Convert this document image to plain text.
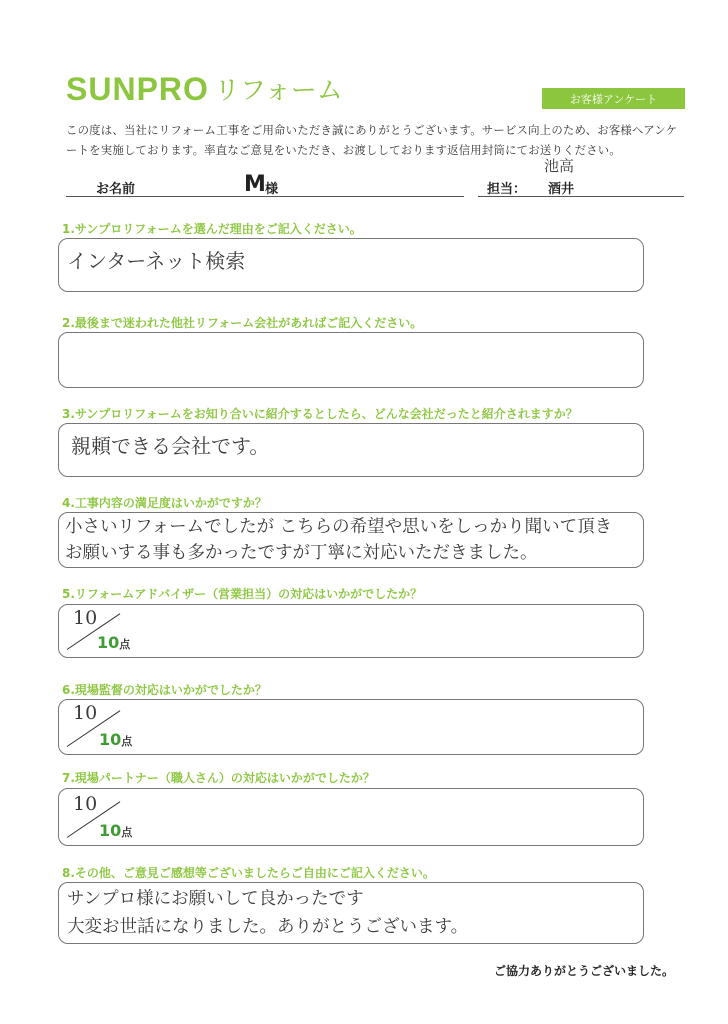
SUNPRO リフォーム	お客様アンケート
この度は、当社にリフォーム工事をご用命いただき誠にありがとうございます。サービス向上のため、お客様へアンケートを実施しております。率直なご意見をいただき、お渡ししております返信用封筒にてお送りください。
お名前	M 様	担当：
池高
酒井
1.サンプロリフォームを選んだ理由をご記入ください。
インターネット検索
2.最後まで迷われた他社リフォーム会社があればご記入ください。
3.サンプロリフォームをお知り合いに紹介するとしたら、どんな会社だったと紹介されますか？
親頼できる会社です。
4.工事内容の満足度はいかがですか？
小さいリフォームでしたが こちらの希望や思いをしっかり聞いて頂き
お願いする事も多かったですが丁寧に対応いただきました。
5.リフォームアドバイザー（営業担当）の対応はいかがでしたか？
10
10点
6.現場監督の対応はいかがでしたか？
10
10点
7.現場パートナー（職人さん）の対応はいかがでしたか？
10
10点
8.その他、ご意見ご感想等ございましたらご自由にご記入ください。
サンプロ様にお願いして良かったです
大変お世話になりました。ありがとうございます。
ご協力ありがとうございました。
